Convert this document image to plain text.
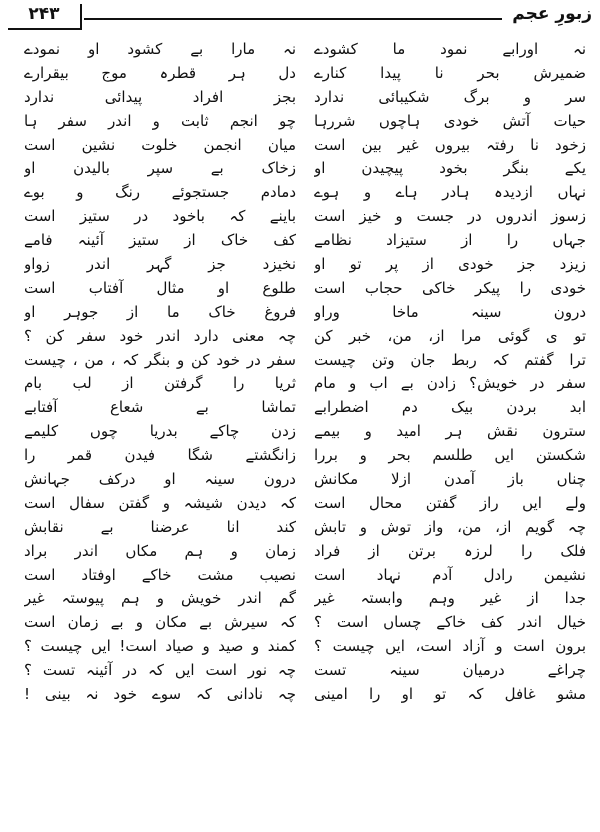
۲۴۳	زبورِ عجم
نہ اورابے نمود ما کشودے
ضمیرش بحر نا پیدا کنارے
سر و برگ شکیبائی ندارد
حیات آتش خودی ہاچوں شررہا
زخود نا رفتہ بیروں غیر بین است
یکے بنگر بخود پیچیدن او
نہاں ازدیدہ ہادر ہاے و ہوے
زسوز اندروں در جست و خیز است
جہاں را از ستیزاد نظامے
زیزد جز خودی از پر تو او
خودی را پیکر خاکی حجاب است
درون سینہ ماخا وراو
تو ی گوئی مرا از، من، خبر کن
ترا گفتم کہ ربط جان وتن چیست
سفر در خویش؟ زادن بے اب و مام
ابد بردن بیک دم اضطرابے
سترون نقش ہر امید و بیمے
شکستن ایں طلسم بحر و بررا
چناں باز آمدن ازلا مکانش
ولے ایں راز گفتن محال است
چہ گویم از، من، واز توش و تابش
فلک را لرزہ برتن از فراد
نشیمن رادل آدم نہاد است
جدا از غیر وہم وابستہ غیر
خیال اندر کف خاکے چساں است ؟
برون است و آزاد است، ایں چیست ؟
چراغے درمیان سینہ تست
مشو غافل کہ تو او را امینی
نہ مارا بے کشود او نمودے
دل ہر قطرہ موج بیقرارے
بجز افراد پیدائی ندارد
چو انجم ثابت و اندر سفر ہا
میان انجمن خلوت نشین است
زخاک بے سپر بالیدن او
دمادم جستجوئے رنگ و بوے
باینے کہ باخود در ستیز است
کف خاک از ستیز آئینہ فامے
نخیزد جز گہر اندر زواو
طلوع او مثال آفتاب است
فروغ خاک ما از جوہر او
چہ معنی دارد اندر خود سفر کن ؟
سفر در خود کن و بنگر کہ ، من ، چیست
ثریا را گرفتن از لب بام
تماشا بے شعاع آفتابے
زدن چاکے بدریا چوں کلیمے
زانگشتے شگا فیدن قمر را
درون سینہ او درکف جہانش
کہ دیدن شیشہ و گفتن سفال است
کند انا عرضنا بے نقابش
زمان و ہم مکاں اندر براد
نصیب مشت خاکے اوفتاد است
گم اندر خویش و ہم پیوستہ غیر
کہ سیرش بے مکان و بے زمان است
کمند و صید و صیاد است! ایں چیست ؟
چہ نور است ایں کہ در آئینہ تست ؟
چہ نادانی کہ سوے خود نہ بینی !
